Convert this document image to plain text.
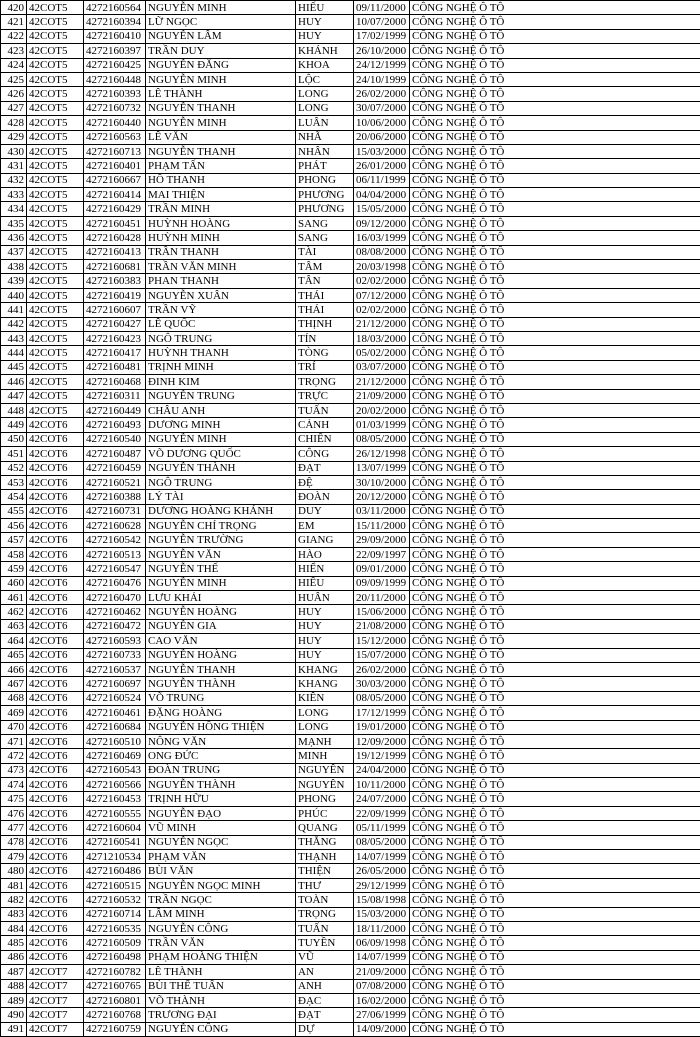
420	42COT5	4272160564	NGUYỄN MINH	HIẾU	09/11/2000	CÔNG NGHỆ Ô TÔ
421	42COT5	4272160394	LỮ NGỌC	HUY	10/07/2000	CÔNG NGHỆ Ô TÔ
422	42COT5	4272160410	NGUYỄN LÂM	HUY	17/02/1999	CÔNG NGHỆ Ô TÔ
423	42COT5	4272160397	TRẦN DUY	KHÁNH	26/10/2000	CÔNG NGHỆ Ô TÔ
424	42COT5	4272160425	NGUYỄN ĐĂNG	KHOA	24/12/1999	CÔNG NGHỆ Ô TÔ
425	42COT5	4272160448	NGUYỄN MINH	LỘC	24/10/1999	CÔNG NGHỆ Ô TÔ
426	42COT5	4272160393	LÊ THÀNH	LONG	26/02/2000	CÔNG NGHỆ Ô TÔ
427	42COT5	4272160732	NGUYỄN THANH	LONG	30/07/2000	CÔNG NGHỆ Ô TÔ
428	42COT5	4272160440	NGUYỄN MINH	LUÂN	10/06/2000	CÔNG NGHỆ Ô TÔ
429	42COT5	4272160563	LÊ VĂN	NHÃ	20/06/2000	CÔNG NGHỆ Ô TÔ
430	42COT5	4272160713	NGUYỄN THANH	NHÂN	15/03/2000	CÔNG NGHỆ Ô TÔ
431	42COT5	4272160401	PHẠM TẤN	PHÁT	26/01/2000	CÔNG NGHỆ Ô TÔ
432	42COT5	4272160667	HỒ THANH	PHONG	06/11/1999	CÔNG NGHỆ Ô TÔ
433	42COT5	4272160414	MAI THIỆN	PHƯƠNG	04/04/2000	CÔNG NGHỆ Ô TÔ
434	42COT5	4272160429	TRẦN MINH	PHƯƠNG	15/05/2000	CÔNG NGHỆ Ô TÔ
435	42COT5	4272160451	HUỲNH HOÀNG	SANG	09/12/2000	CÔNG NGHỆ Ô TÔ
436	42COT5	4272160428	HUỲNH MINH	SANG	16/03/1999	CÔNG NGHỆ Ô TÔ
437	42COT5	4272160413	TRẦN THANH	TÀI	08/08/2000	CÔNG NGHỆ Ô TÔ
438	42COT5	4272160681	TRẦN VĂN MINH	TÂM	20/03/1998	CÔNG NGHỆ Ô TÔ
439	42COT5	4272160383	PHAN THANH	TÂN	02/02/2000	CÔNG NGHỆ Ô TÔ
440	42COT5	4272160419	NGUYỄN XUÂN	THÁI	07/12/2000	CÔNG NGHỆ Ô TÔ
441	42COT5	4272160607	TRẦN VỸ	THÁI	02/02/2000	CÔNG NGHỆ Ô TÔ
442	42COT5	4272160427	LÊ QUỐC	THỊNH	21/12/2000	CÔNG NGHỆ Ô TÔ
443	42COT5	4272160423	NGÔ TRUNG	TÍN	18/03/2000	CÔNG NGHỆ Ô TÔ
444	42COT5	4272160417	HUỲNH THANH	TÒNG	05/02/2000	CÔNG NGHỆ Ô TÔ
445	42COT5	4272160481	TRỊNH MINH	TRÍ	03/07/2000	CÔNG NGHỆ Ô TÔ
446	42COT5	4272160468	ĐINH KIM	TRỌNG	21/12/2000	CÔNG NGHỆ Ô TÔ
447	42COT5	4272160311	NGUYỄN TRUNG	TRỰC	21/09/2000	CÔNG NGHỆ Ô TÔ
448	42COT5	4272160449	CHÂU ANH	TUẤN	20/02/2000	CÔNG NGHỆ Ô TÔ
449	42COT6	4272160493	DƯƠNG MINH	CẢNH	01/03/1999	CÔNG NGHỆ Ô TÔ
450	42COT6	4272160540	NGUYỄN MINH	CHIẾN	08/05/2000	CÔNG NGHỆ Ô TÔ
451	42COT6	4272160487	VÕ DƯƠNG QUỐC	CÔNG	26/12/1998	CÔNG NGHỆ Ô TÔ
452	42COT6	4272160459	NGUYỄN THÀNH	ĐẠT	13/07/1999	CÔNG NGHỆ Ô TÔ
453	42COT6	4272160521	NGÔ TRUNG	ĐỆ	30/10/2000	CÔNG NGHỆ Ô TÔ
454	42COT6	4272160388	LÝ TÀI	ĐOÀN	20/12/2000	CÔNG NGHỆ Ô TÔ
455	42COT6	4272160731	DƯƠNG HOÀNG KHÁNH	DUY	03/11/2000	CÔNG NGHỆ Ô TÔ
456	42COT6	4272160628	NGUYỄN CHÍ TRỌNG	EM	15/11/2000	CÔNG NGHỆ Ô TÔ
457	42COT6	4272160542	NGUYỄN TRƯỜNG	GIANG	29/09/2000	CÔNG NGHỆ Ô TÔ
458	42COT6	4272160513	NGUYỄN VĂN	HÀO	22/09/1997	CÔNG NGHỆ Ô TÔ
459	42COT6	4272160547	NGUYỄN THẾ	HIỂN	09/01/2000	CÔNG NGHỆ Ô TÔ
460	42COT6	4272160476	NGUYỄN MINH	HIẾU	09/09/1999	CÔNG NGHỆ Ô TÔ
461	42COT6	4272160470	LƯU KHẢI	HUÂN	20/11/2000	CÔNG NGHỆ Ô TÔ
462	42COT6	4272160462	NGUYỄN HOÀNG	HUY	15/06/2000	CÔNG NGHỆ Ô TÔ
463	42COT6	4272160472	NGUYỄN GIA	HUY	21/08/2000	CÔNG NGHỆ Ô TÔ
464	42COT6	4272160593	CAO VĂN	HUY	15/12/2000	CÔNG NGHỆ Ô TÔ
465	42COT6	4272160733	NGUYỄN HOÀNG	HUY	15/07/2000	CÔNG NGHỆ Ô TÔ
466	42COT6	4272160537	NGUYỄN THANH	KHANG	26/02/2000	CÔNG NGHỆ Ô TÔ
467	42COT6	4272160697	NGUYỄN THÀNH	KHANG	30/03/2000	CÔNG NGHỆ Ô TÔ
468	42COT6	4272160524	VÕ TRUNG	KIÊN	08/05/2000	CÔNG NGHỆ Ô TÔ
469	42COT6	4272160461	ĐẶNG HOÀNG	LONG	17/12/1999	CÔNG NGHỆ Ô TÔ
470	42COT6	4272160684	NGUYỄN HỒNG THIỆN	LONG	19/01/2000	CÔNG NGHỆ Ô TÔ
471	42COT6	4272160510	NÔNG VĂN	MẠNH	12/09/2000	CÔNG NGHỆ Ô TÔ
472	42COT6	4272160469	ONG ĐỨC	MINH	19/12/1999	CÔNG NGHỆ Ô TÔ
473	42COT6	4272160543	ĐOÀN TRUNG	NGUYÊN	24/04/2000	CÔNG NGHỆ Ô TÔ
474	42COT6	4272160566	NGUYỄN THÀNH	NGUYÊN	10/11/2000	CÔNG NGHỆ Ô TÔ
475	42COT6	4272160453	TRỊNH HỮU	PHONG	24/07/2000	CÔNG NGHỆ Ô TÔ
476	42COT6	4272160555	NGUYỄN ĐẠO	PHÚC	22/09/1999	CÔNG NGHỆ Ô TÔ
477	42COT6	4272160604	VŨ MINH	QUANG	05/11/1999	CÔNG NGHỆ Ô TÔ
478	42COT6	4272160541	NGUYỄN NGỌC	THẮNG	08/05/2000	CÔNG NGHỆ Ô TÔ
479	42COT6	4271210534	PHẠM VĂN	THẠNH	14/07/1999	CÔNG NGHỆ Ô TÔ
480	42COT6	4272160486	BÙI VĂN	THIỆN	26/05/2000	CÔNG NGHỆ Ô TÔ
481	42COT6	4272160515	NGUYỄN NGỌC MINH	THƯ	29/12/1999	CÔNG NGHỆ Ô TÔ
482	42COT6	4272160532	TRẦN NGỌC	TOÀN	15/08/1998	CÔNG NGHỆ Ô TÔ
483	42COT6	4272160714	LÂM MINH	TRỌNG	15/03/2000	CÔNG NGHỆ Ô TÔ
484	42COT6	4272160535	NGUYỄN CÔNG	TUẤN	18/11/2000	CÔNG NGHỆ Ô TÔ
485	42COT6	4272160509	TRẦN VĂN	TUYỀN	06/09/1998	CÔNG NGHỆ Ô TÔ
486	42COT6	4272160498	PHẠM HOÀNG THIỆN	VŨ	14/07/1999	CÔNG NGHỆ Ô TÔ
487	42COT7	4272160782	LÊ THÀNH	AN	21/09/2000	CÔNG NGHỆ Ô TÔ
488	42COT7	4272160765	BÙI THẾ TUẤN	ANH	07/08/2000	CÔNG NGHỆ Ô TÔ
489	42COT7	4272160801	VÕ THÀNH	ĐẠC	16/02/2000	CÔNG NGHỆ Ô TÔ
490	42COT7	4272160768	TRƯƠNG ĐẠI	ĐẠT	27/06/1999	CÔNG NGHỆ Ô TÔ
491	42COT7	4272160759	NGUYỄN CÔNG	DỰ	14/09/2000	CÔNG NGHỆ Ô TÔ
